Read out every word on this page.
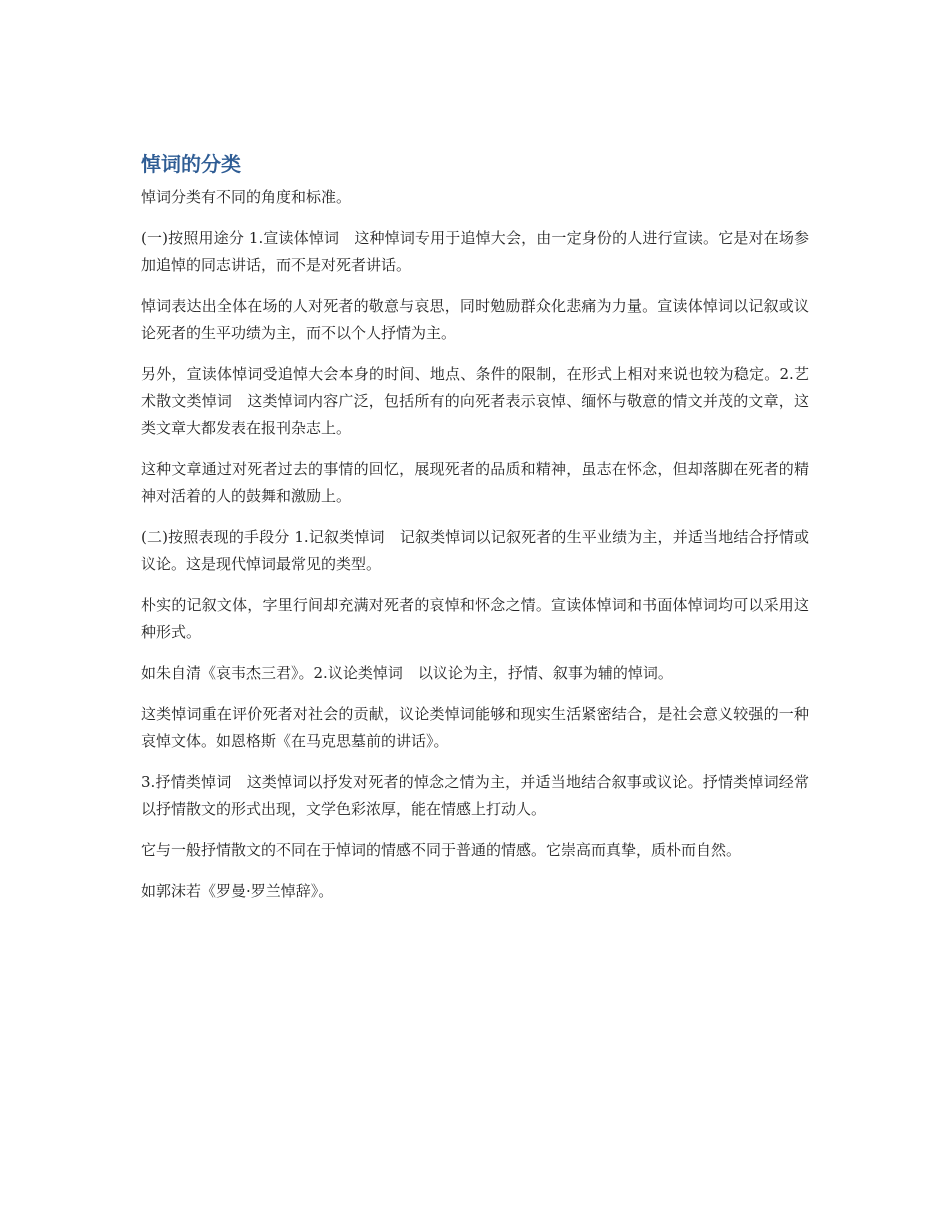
悼词的分类

悼词分类有不同的角度和标准。

(一)按照用途分 1.宣读体悼词　这种悼词专用于追悼大会，由一定身份的人进行宣读。它是对在场参加追悼的同志讲话，而不是对死者讲话。

悼词表达出全体在场的人对死者的敬意与哀思，同时勉励群众化悲痛为力量。宣读体悼词以记叙或议论死者的生平功绩为主，而不以个人抒情为主。

另外，宣读体悼词受追悼大会本身的时间、地点、条件的限制，在形式上相对来说也较为稳定。2.艺术散文类悼词　这类悼词内容广泛，包括所有的向死者表示哀悼、缅怀与敬意的情文并茂的文章，这类文章大都发表在报刊杂志上。

这种文章通过对死者过去的事情的回忆，展现死者的品质和精神，虽志在怀念，但却落脚在死者的精神对活着的人的鼓舞和激励上。

(二)按照表现的手段分 1.记叙类悼词　记叙类悼词以记叙死者的生平业绩为主，并适当地结合抒情或议论。这是现代悼词最常见的类型。

朴实的记叙文体，字里行间却充满对死者的哀悼和怀念之情。宣读体悼词和书面体悼词均可以采用这种形式。

如朱自清《哀韦杰三君》。2.议论类悼词　以议论为主，抒情、叙事为辅的悼词。

这类悼词重在评价死者对社会的贡献，议论类悼词能够和现实生活紧密结合，是社会意义较强的一种哀悼文体。如恩格斯《在马克思墓前的讲话》。

3.抒情类悼词　这类悼词以抒发对死者的悼念之情为主，并适当地结合叙事或议论。抒情类悼词经常以抒情散文的形式出现，文学色彩浓厚，能在情感上打动人。

它与一般抒情散文的不同在于悼词的情感不同于普通的情感。它崇高而真挚，质朴而自然。

如郭沫若《罗曼·罗兰悼辞》。
